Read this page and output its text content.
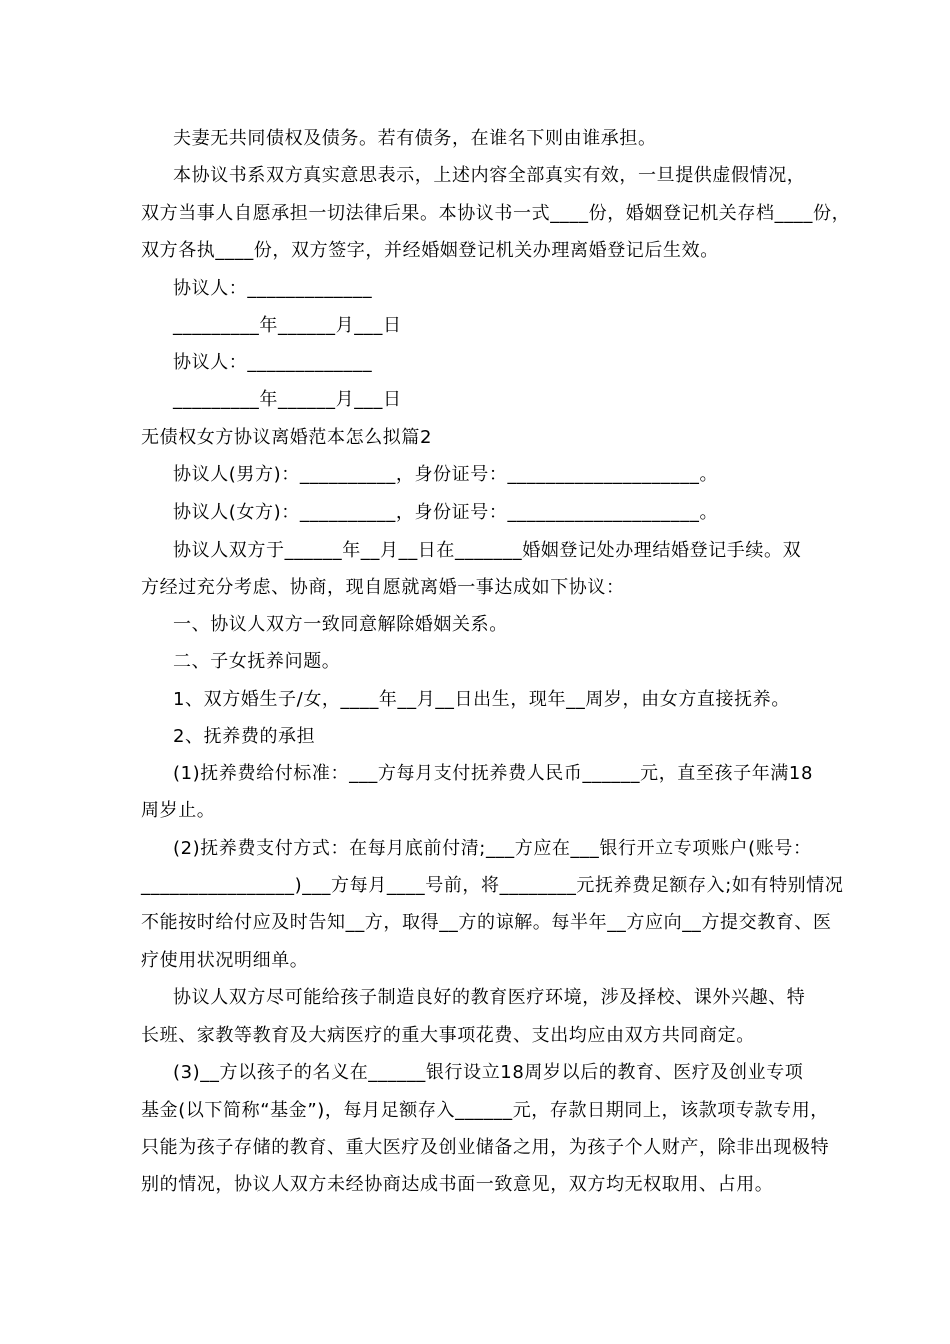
夫妻无共同债权及债务。若有债务，在谁名下则由谁承担。
本协议书系双方真实意思表示，上述内容全部真实有效，一旦提供虚假情况，
双方当事人自愿承担一切法律后果。本协议书一式____份，婚姻登记机关存档____份，
双方各执____份，双方签字，并经婚姻登记机关办理离婚登记后生效。
协议人：_____________
_________年______月___日
协议人：_____________
_________年______月___日
无债权女方协议离婚范本怎么拟篇2
协议人(男方)：__________，身份证号：____________________。
协议人(女方)：__________，身份证号：____________________。
协议人双方于______年__月__日在_______婚姻登记处办理结婚登记手续。双
方经过充分考虑、协商，现自愿就离婚一事达成如下协议：
一、协议人双方一致同意解除婚姻关系。
二、子女抚养问题。
1、双方婚生子/女，____年__月__日出生，现年__周岁，由女方直接抚养。
2、抚养费的承担
(1)抚养费给付标准：___方每月支付抚养费人民币______元，直至孩子年满18
周岁止。
(2)抚养费支付方式：在每月底前付清;___方应在___银行开立专项账户(账号：
________________)___方每月____号前，将________元抚养费足额存入;如有特别情况
不能按时给付应及时告知__方，取得__方的谅解。每半年__方应向__方提交教育、医
疗使用状况明细单。
协议人双方尽可能给孩子制造良好的教育医疗环境，涉及择校、课外兴趣、特
长班、家教等教育及大病医疗的重大事项花费、支出均应由双方共同商定。
(3)__方以孩子的名义在______银行设立18周岁以后的教育、医疗及创业专项
基金(以下简称“基金”)，每月足额存入______元，存款日期同上，该款项专款专用，
只能为孩子存储的教育、重大医疗及创业储备之用，为孩子个人财产，除非出现极特
别的情况，协议人双方未经协商达成书面一致意见，双方均无权取用、占用。
